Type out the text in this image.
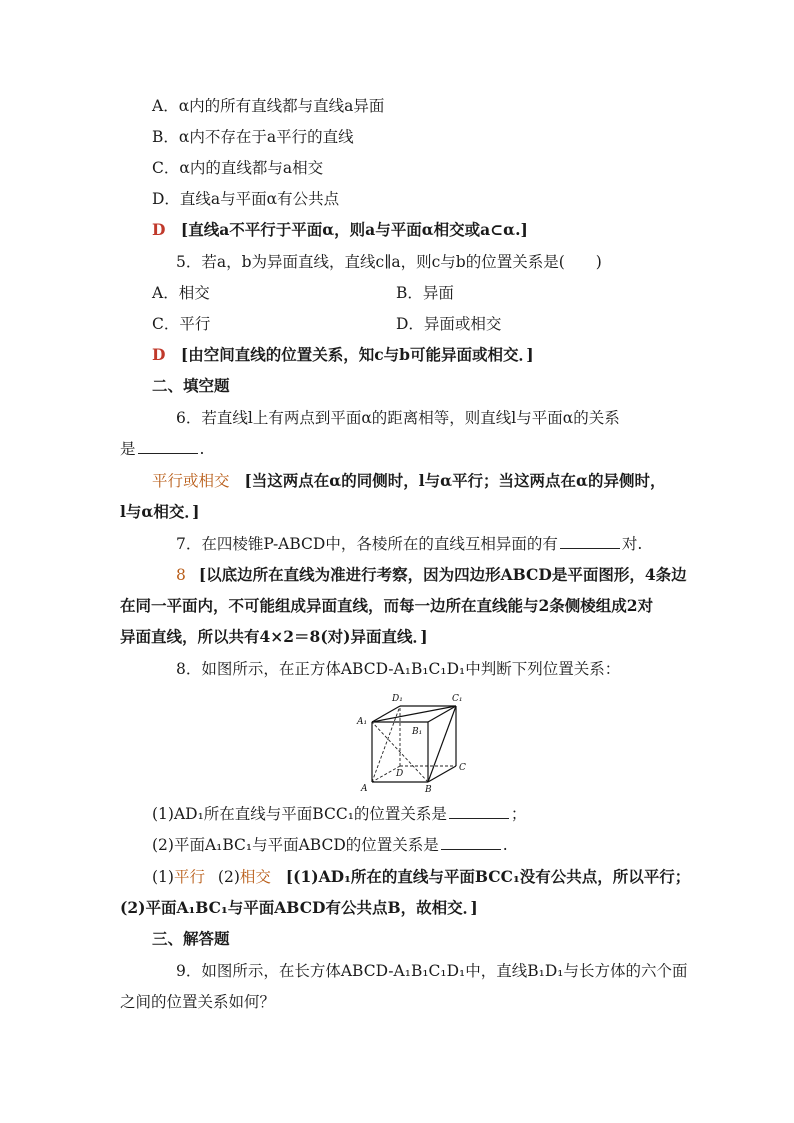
A．α内的所有直线都与直线a异面
B．α内不存在于a平行的直线
C．α内的直线都与a相交
D．直线a与平面α有公共点
D [直线a不平行于平面α，则a与平面α相交或a⊂α.]
5．若a，b为异面直线，直线c∥a，则c与b的位置关系是(　　)
A．相交	B．异面
C．平行	D．异面或相交
D [由空间直线的位置关系，知c与b可能异面或相交．]
二、填空题
6．若直线l上有两点到平面α的距离相等，则直线l与平面α的关系
是	.
平行或相交 [当这两点在α的同侧时，l与α平行；当这两点在α的异侧时，
l与α相交．]
7．在四棱锥P-ABCD中，各棱所在的直线互相异面的有	对.
8 [以底边所在直线为准进行考察，因为四边形ABCD是平面图形，4条边
在同一平面内，不可能组成异面直线，而每一边所在直线能与2条侧棱组成2对
异面直线，所以共有4×2＝8(对)异面直线．]
8．如图所示，在正方体ABCD-A₁B₁C₁D₁中判断下列位置关系：
A	B
C
D
A₁
B₁
C₁
D₁
(1)AD₁所在直线与平面BCC₁的位置关系是	；
(2)平面A₁BC₁与平面ABCD的位置关系是	.
(1)平行 (2)相交 [(1)AD₁所在的直线与平面BCC₁没有公共点，所以平行；
(2)平面A₁BC₁与平面ABCD有公共点B，故相交．]
三、解答题
9．如图所示，在长方体ABCD-A₁B₁C₁D₁中，直线B₁D₁与长方体的六个面
之间的位置关系如何？
